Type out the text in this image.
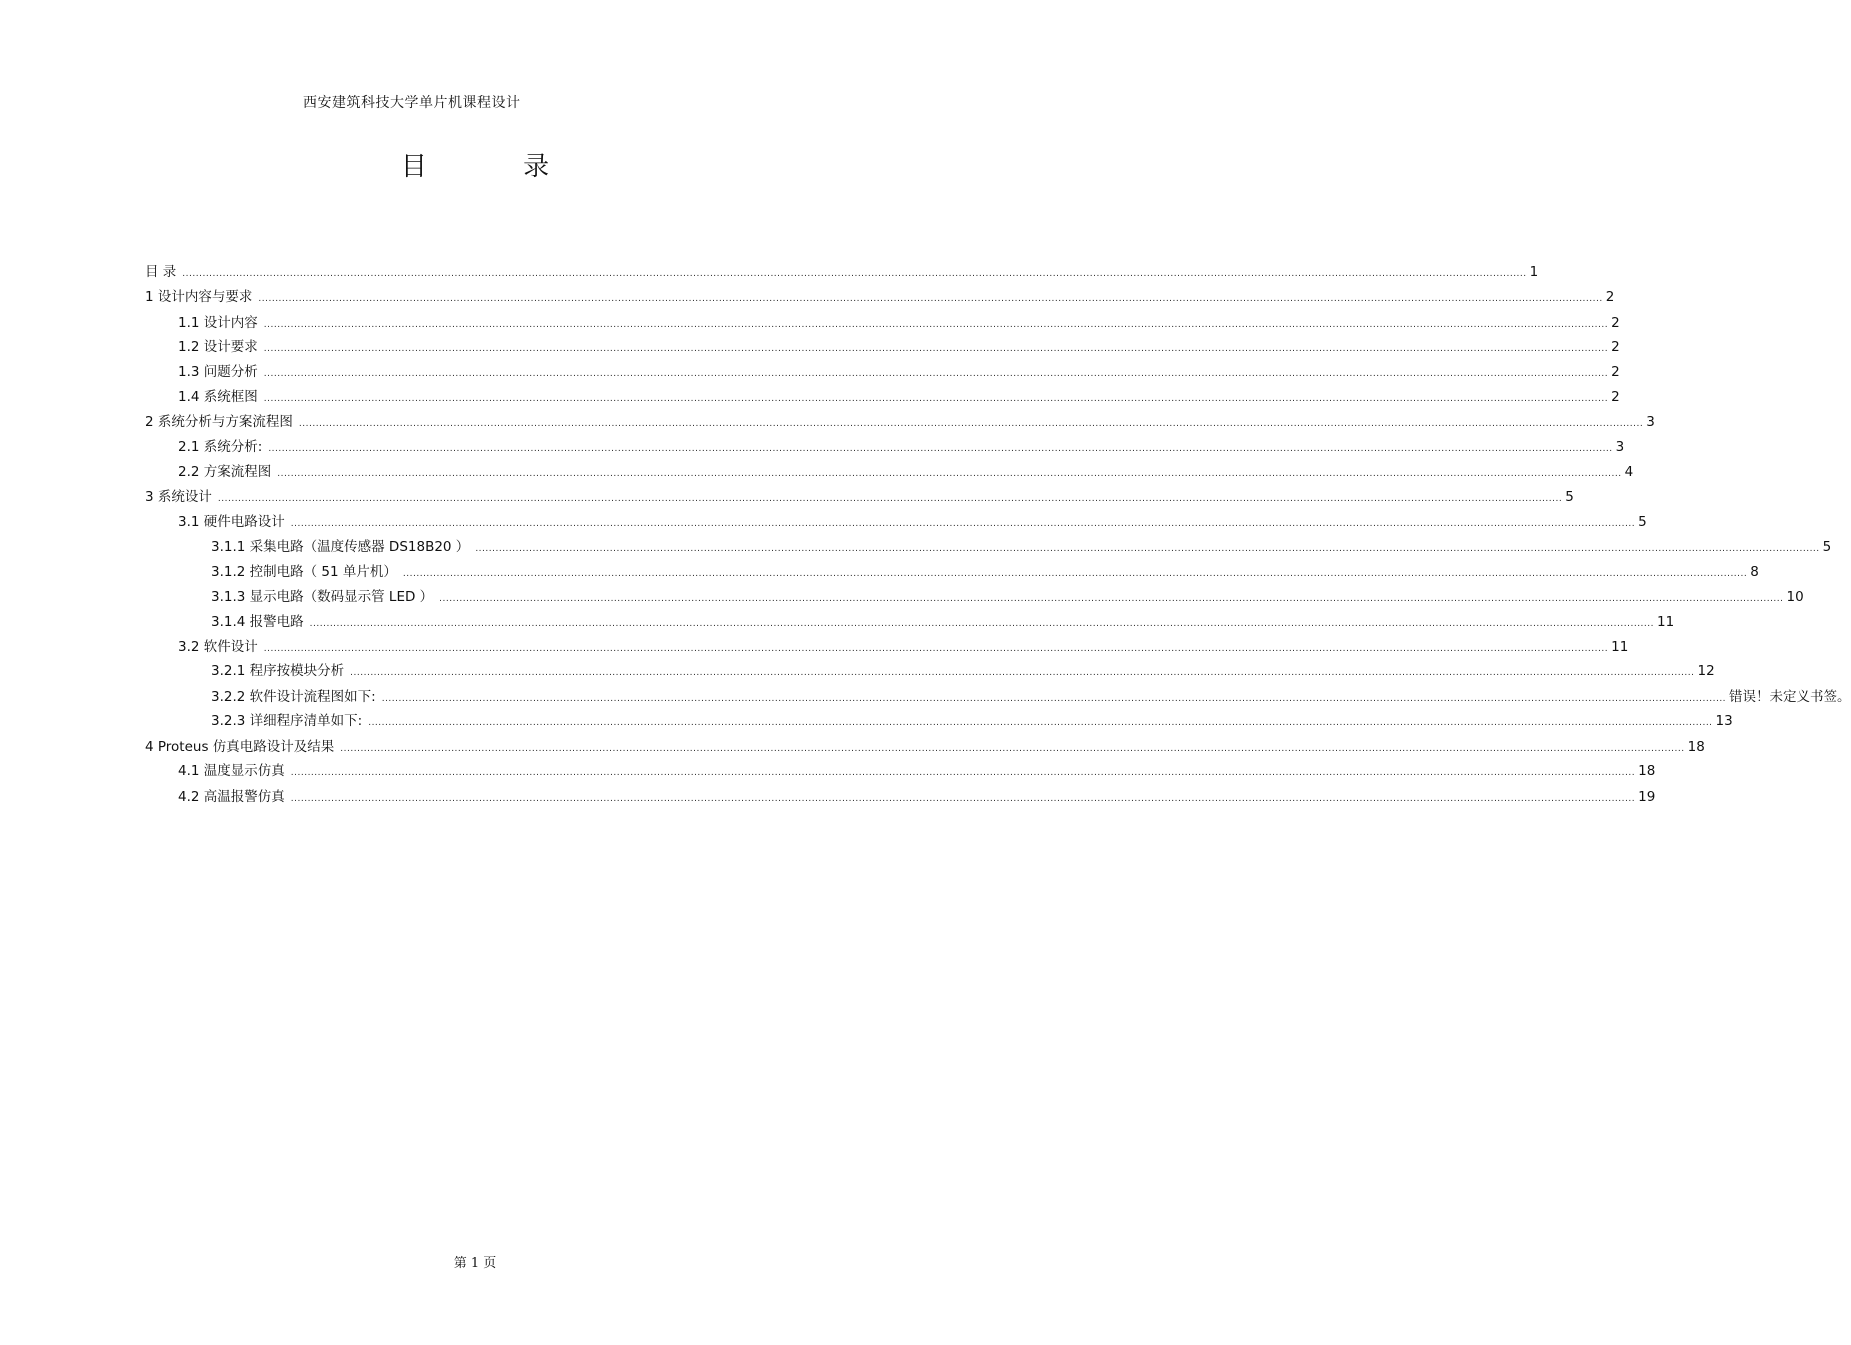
西安建筑科技大学单片机课程设计
目 录
目 录 ................................................................................................................................................................................................................................................................................................................................................................................................................ 1
1 设计内容与要求 ................................................................................................................................................................................................................................................................................................................................................................................................................ 2
1.1 设计内容 ................................................................................................................................................................................................................................................................................................................................................................................................................ 2
1.2 设计要求 ................................................................................................................................................................................................................................................................................................................................................................................................................ 2
1.3 问题分析 ................................................................................................................................................................................................................................................................................................................................................................................................................ 2
1.4 系统框图 ................................................................................................................................................................................................................................................................................................................................................................................................................ 2
2 系统分析与方案流程图 ................................................................................................................................................................................................................................................................................................................................................................................................................ 3
2.1 系统分析: ................................................................................................................................................................................................................................................................................................................................................................................................................ 3
2.2 方案流程图 ................................................................................................................................................................................................................................................................................................................................................................................................................ 4
3 系统设计 ................................................................................................................................................................................................................................................................................................................................................................................................................ 5
3.1 硬件电路设计 ................................................................................................................................................................................................................................................................................................................................................................................................................ 5
3.1.1 采集电路（温度传感器 DS18B20 ） ................................................................................................................................................................................................................................................................................................................................................................................................................ 5
3.1.2 控制电路（ 51 单片机） ................................................................................................................................................................................................................................................................................................................................................................................................................ 8
3.1.3 显示电路（数码显示管 LED ） ................................................................................................................................................................................................................................................................................................................................................................................................................ 10
3.1.4 报警电路 ................................................................................................................................................................................................................................................................................................................................................................................................................ 11
3.2 软件设计 ................................................................................................................................................................................................................................................................................................................................................................................................................ 11
3.2.1 程序按模块分析 ................................................................................................................................................................................................................................................................................................................................................................................................................ 12
3.2.2 软件设计流程图如下: ................................................................................................................................................................................................................................................................................................................................................................................................................ 错误！未定义书签。
3.2.3 详细程序清单如下: ................................................................................................................................................................................................................................................................................................................................................................................................................ 13
4 Proteus 仿真电路设计及结果 ................................................................................................................................................................................................................................................................................................................................................................................................................ 18
4.1 温度显示仿真 ................................................................................................................................................................................................................................................................................................................................................................................................................ 18
4.2 高温报警仿真 ................................................................................................................................................................................................................................................................................................................................................................................................................ 19
第 1 页
